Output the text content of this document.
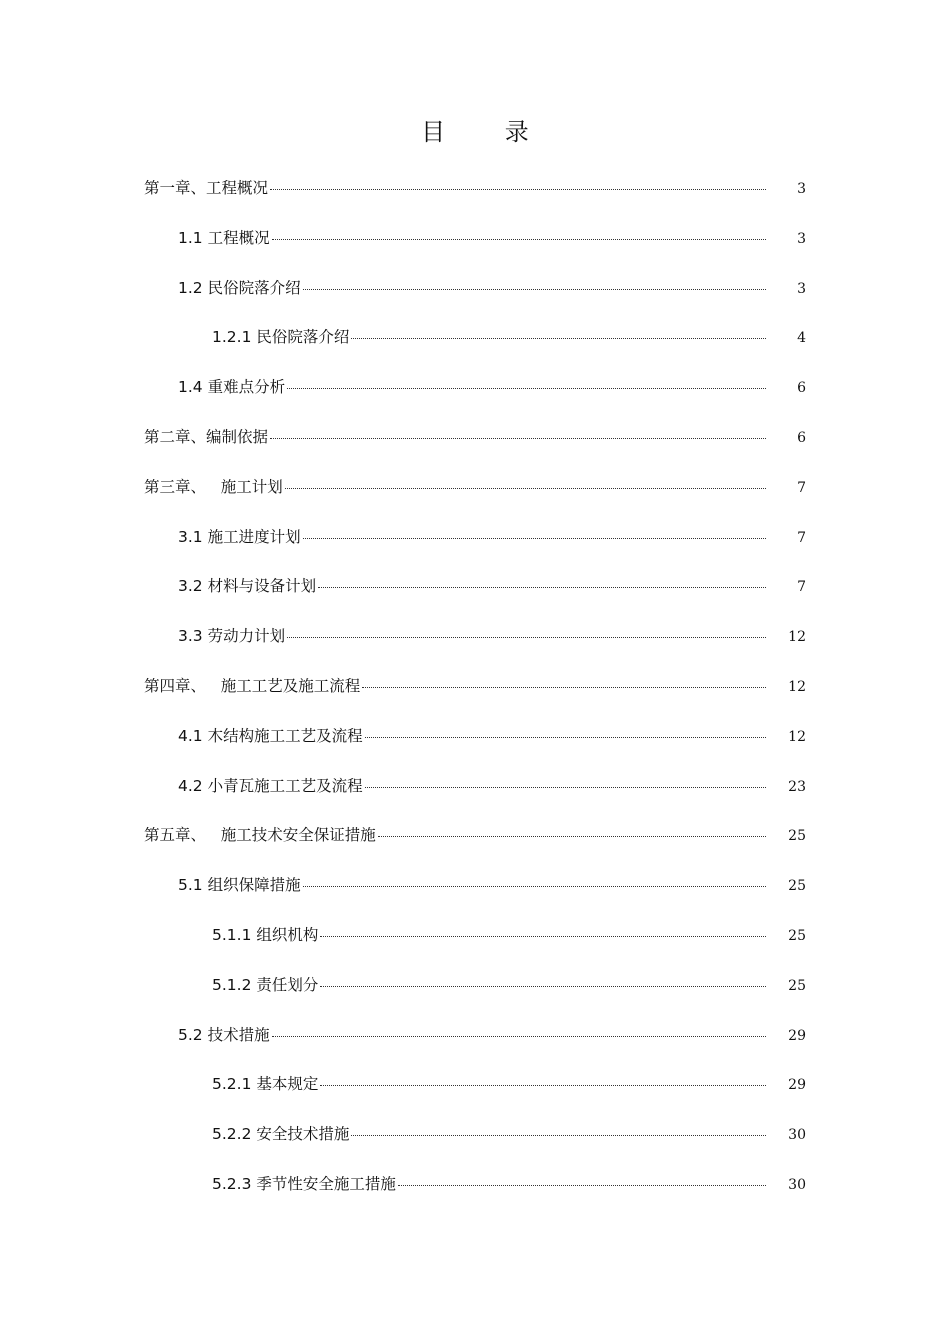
目 录
第一章、工程概况	3
1.1 工程概况	3
1.2 民俗院落介绍	3
1.2.1 民俗院落介绍	4
1.4 重难点分析	6
第二章、编制依据	6
第三章、   施工计划	7
3.1 施工进度计划	7
3.2 材料与设备计划	7
3.3 劳动力计划	12
第四章、   施工工艺及施工流程	12
4.1 木结构施工工艺及流程	12
4.2 小青瓦施工工艺及流程	23
第五章、   施工技术安全保证措施	25
5.1 组织保障措施	25
5.1.1 组织机构	25
5.1.2 责任划分	25
5.2 技术措施	29
5.2.1 基本规定	29
5.2.2 安全技术措施	30
5.2.3 季节性安全施工措施	30
